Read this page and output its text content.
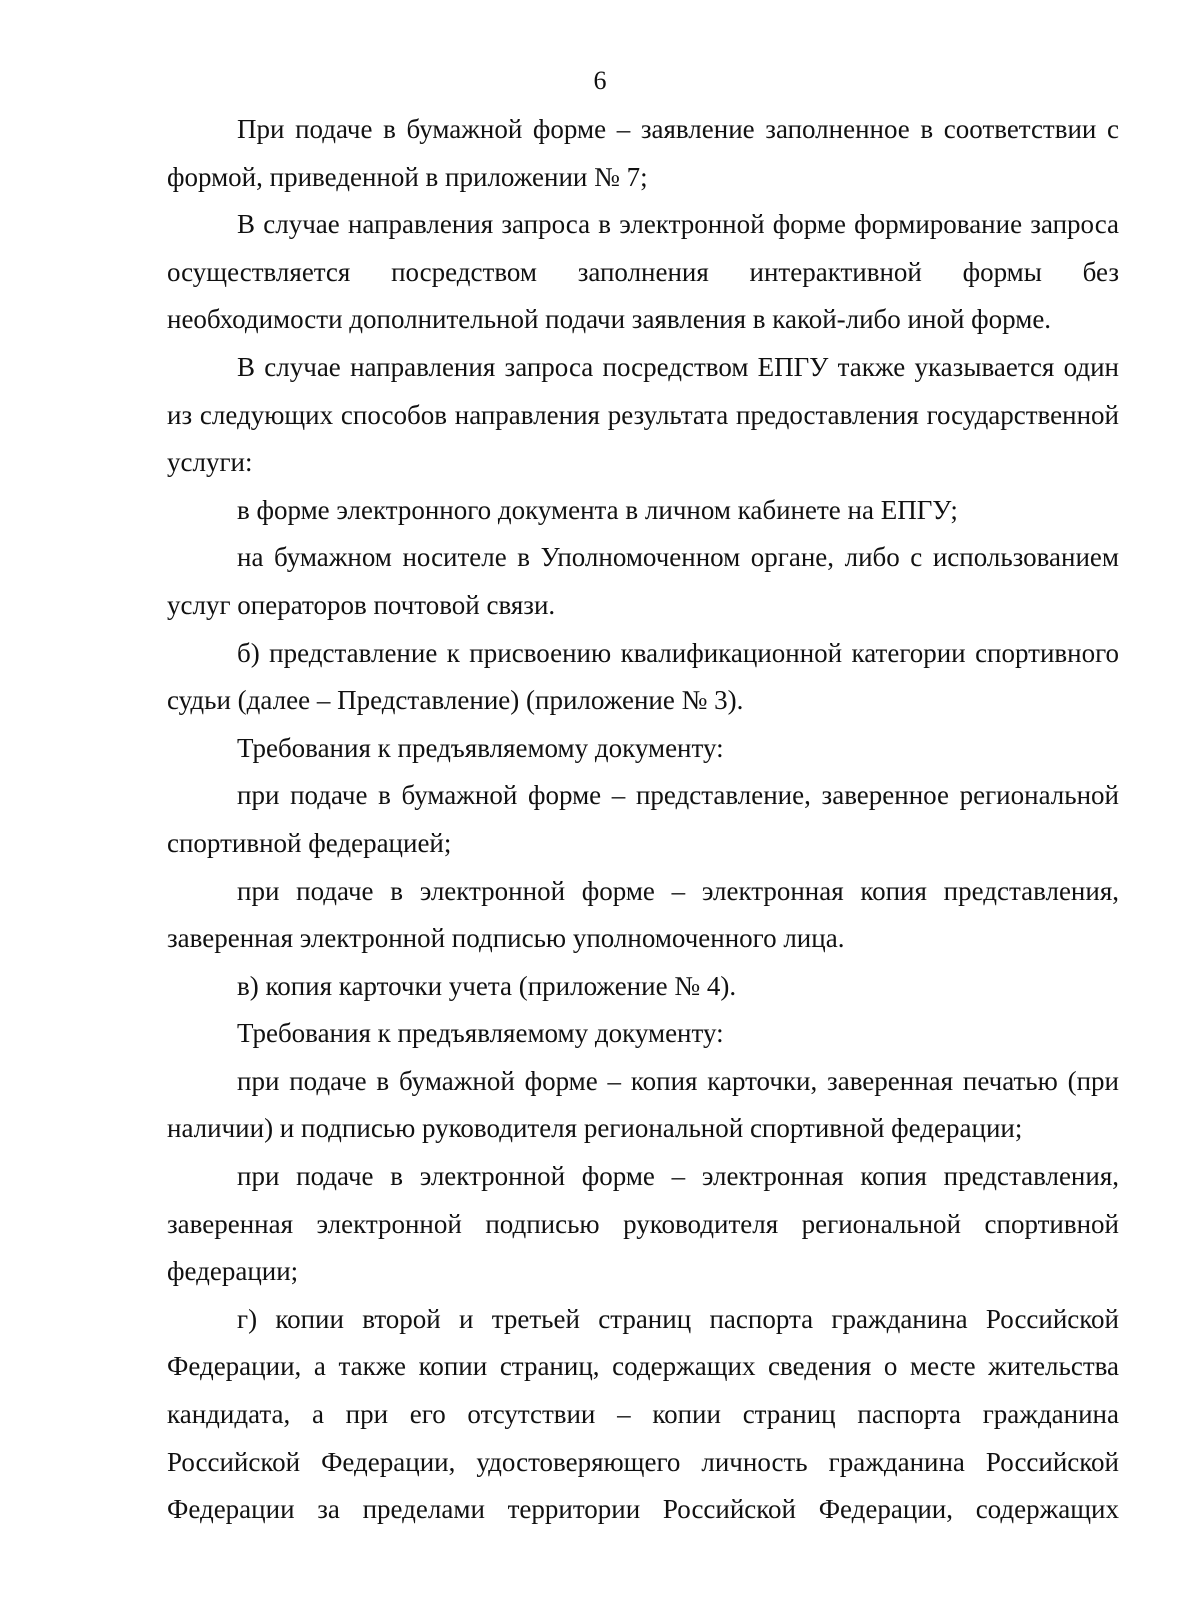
6

При подаче в бумажной форме – заявление заполненное в соответствии с формой, приведенной в приложении № 7;

В случае направления запроса в электронной форме формирование запроса осуществляется посредством заполнения интерактивной формы без необходимости дополнительной подачи заявления в какой-либо иной форме.

В случае направления запроса посредством ЕПГУ также указывается один из следующих способов направления результата предоставления государственной услуги:

в форме электронного документа в личном кабинете на ЕПГУ;

на бумажном носителе в Уполномоченном органе, либо с использованием услуг операторов почтовой связи.

б) представление к присвоению квалификационной категории спортивного судьи (далее – Представление) (приложение № 3).

Требования к предъявляемому документу:

при подаче в бумажной форме – представление, заверенное региональной спортивной федерацией;

при подаче в электронной форме – электронная копия представления, заверенная электронной подписью уполномоченного лица.

в) копия карточки учета (приложение № 4).

Требования к предъявляемому документу:

при подаче в бумажной форме – копия карточки, заверенная печатью (при наличии) и подписью руководителя региональной спортивной федерации;

при подаче в электронной форме – электронная копия представления, заверенная электронной подписью руководителя региональной спортивной федерации;

г) копии второй и третьей страниц паспорта гражданина Российской Федерации, а также копии страниц, содержащих сведения о месте жительства кандидата, а при его отсутствии – копии страниц паспорта гражданина Российской Федерации, удостоверяющего личность гражданина Российской Федерации за пределами территории Российской Федерации, содержащих
